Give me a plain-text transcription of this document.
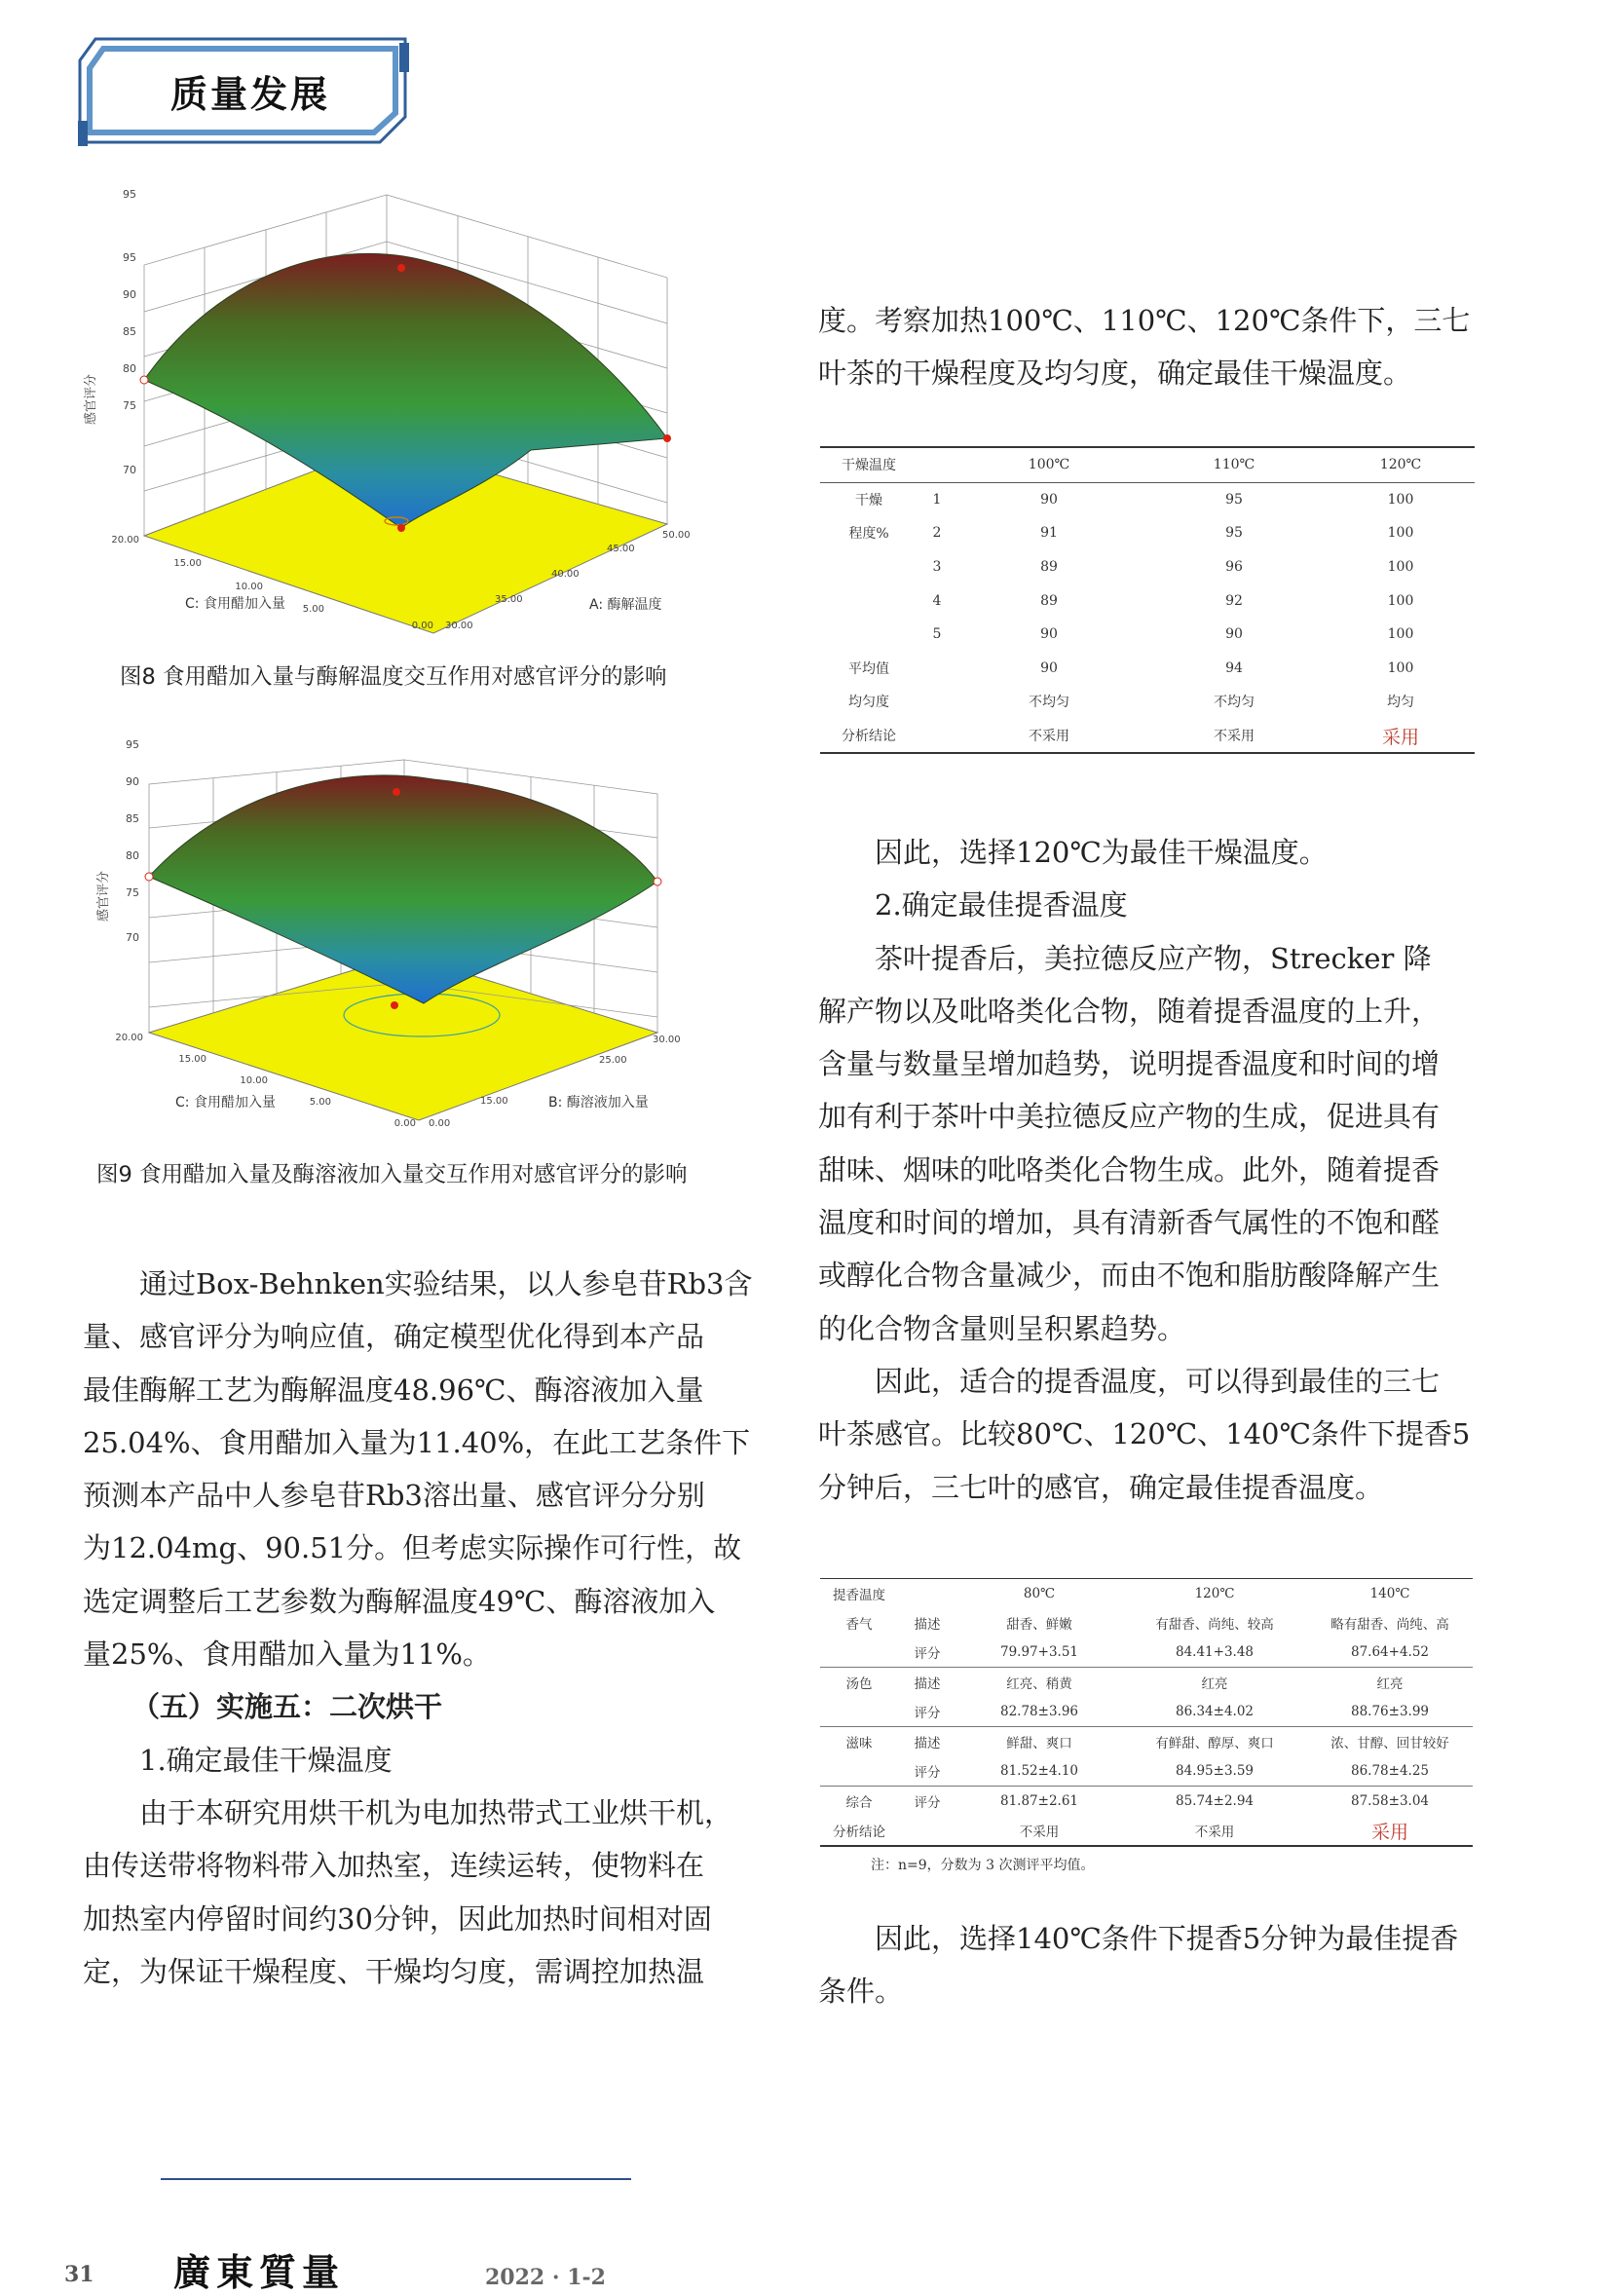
质量发展
95
95
90
85
80
75
70
感官评分
20.00
15.00
10.00
5.00
0.00 30.00
35.00
40.00
45.00
50.00
C: 食用醋加入量	A: 酶解温度
图8 食用醋加入量与酶解温度交互作用对感官评分的影响
95
90
85
80
75
70
感官评分
20.00
15.00
10.00
5.00
0.00 0.00
15.00
25.00
30.00
C: 食用醋加入量	B: 酶溶液加入量
图9 食用醋加入量及酶溶液加入量交互作用对感官评分的影响
通过Box-Behnken实验结果，以人参皂苷Rb3含
量、感官评分为响应值，确定模型优化得到本产品
最佳酶解工艺为酶解温度48.96℃、酶溶液加入量
25.04%、食用醋加入量为11.40%，在此工艺条件下
预测本产品中人参皂苷Rb3溶出量、感官评分分别
为12.04mg、90.51分。但考虑实际操作可行性，故
选定调整后工艺参数为酶解温度49℃、酶溶液加入
量25%、食用醋加入量为11%。
（五）实施五：二次烘干
1.确定最佳干燥温度
由于本研究用烘干机为电加热带式工业烘干机，
由传送带将物料带入加热室，连续运转，使物料在
加热室内停留时间约30分钟，因此加热时间相对固
定，为保证干燥程度、干燥均匀度，需调控加热温
度。考察加热100℃、110℃、120℃条件下，三七
叶茶的干燥程度及均匀度，确定最佳干燥温度。
干燥温度		100℃	110℃	120℃
干燥	1	90	95	100
程度%	2	91	95	100
	3	89	96	100
	4	89	92	100
	5	90	90	100
平均值		90	94	100
均匀度		不均匀	不均匀	均匀
分析结论		不采用	不采用	采用
因此，选择120℃为最佳干燥温度。
2.确定最佳提香温度
茶叶提香后，美拉德反应产物，Strecker 降
解产物以及吡咯类化合物，随着提香温度的上升，
含量与数量呈增加趋势，说明提香温度和时间的增
加有利于茶叶中美拉德反应产物的生成，促进具有
甜味、烟味的吡咯类化合物生成。此外，随着提香
温度和时间的增加，具有清新香气属性的不饱和醛
或醇化合物含量减少，而由不饱和脂肪酸降解产生
的化合物含量则呈积累趋势。
因此，适合的提香温度，可以得到最佳的三七
叶茶感官。比较80℃、120℃、140℃条件下提香5
分钟后，三七叶的感官，确定最佳提香温度。
提香温度		80℃	120℃	140℃
香气	描述	甜香、鲜嫩	有甜香、尚纯、较高	略有甜香、尚纯、高
	评分	79.97+3.51	84.41+3.48	87.64+4.52
汤色	描述	红亮、稍黄	红亮	红亮
	评分	82.78±3.96	86.34±4.02	88.76±3.99
滋味	描述	鲜甜、爽口	有鲜甜、醇厚、爽口	浓、甘醇、回甘较好
	评分	81.52±4.10	84.95±3.59	86.78±4.25
综合	评分	81.87±2.61	85.74±2.94	87.58±3.04
分析结论		不采用	不采用	采用
注：n=9，分数为 3 次测评平均值。
因此，选择140℃条件下提香5分钟为最佳提香
条件。
31 廣東質量	2022 · 1-2
